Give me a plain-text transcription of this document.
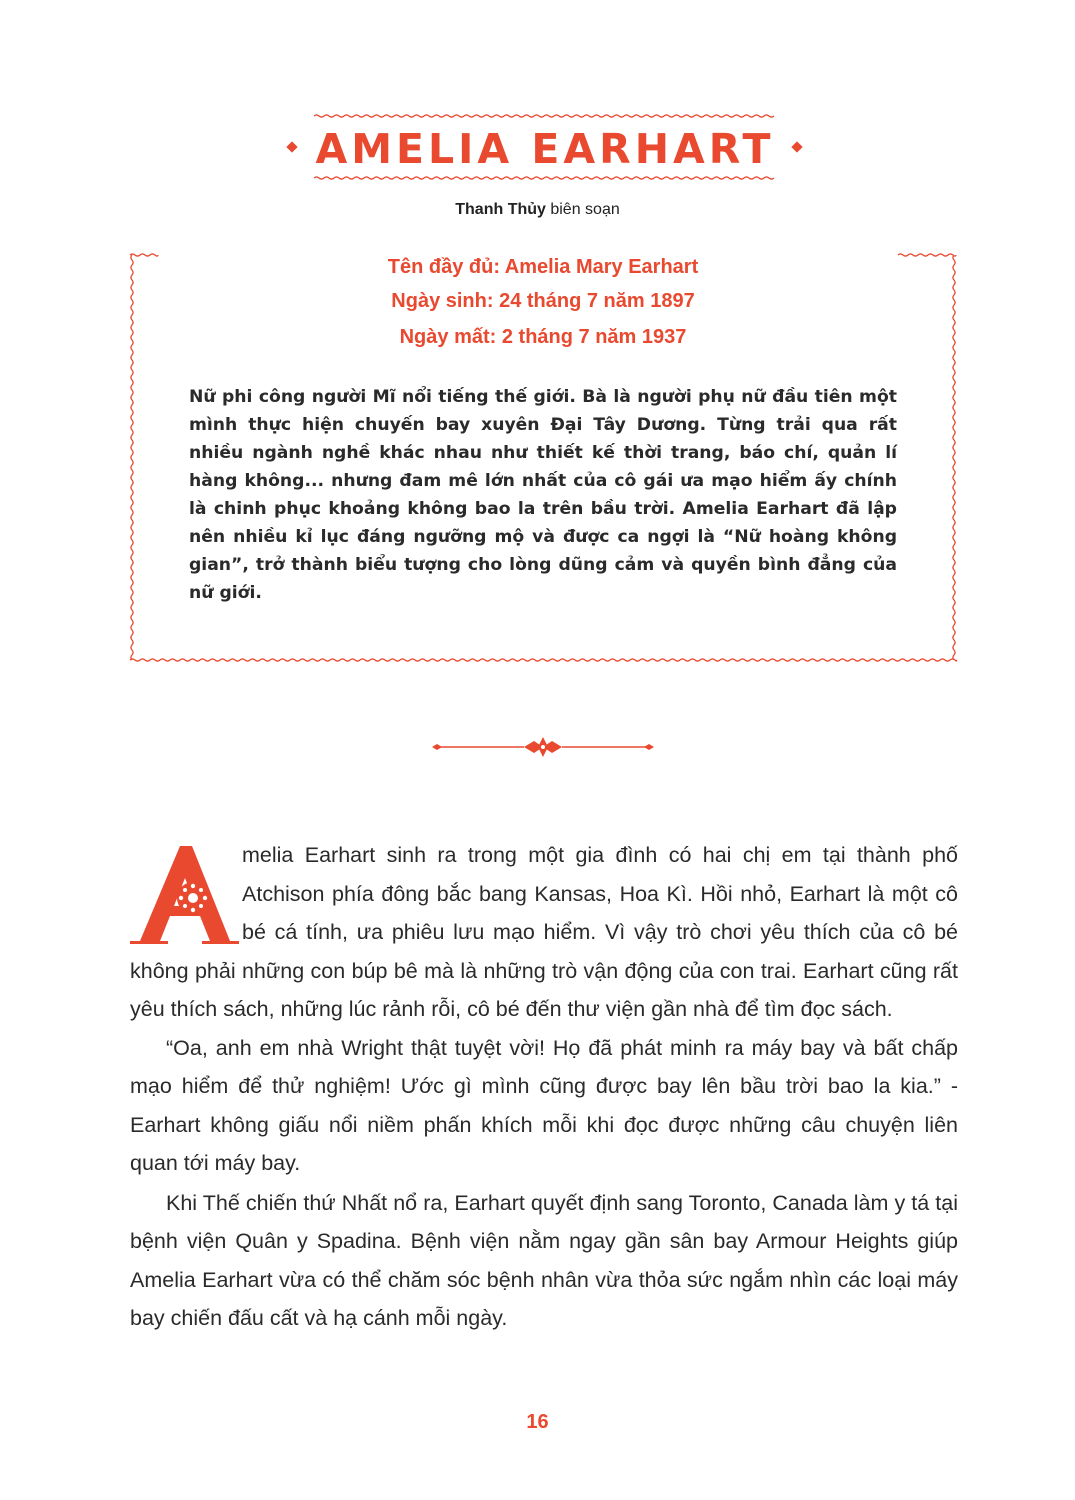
AMELIA EARHART
Thanh Thủy biên soạn
Tên đầy đủ: Amelia Mary Earhart
Ngày sinh: 24 tháng 7 năm 1897
Ngày mất: 2 tháng 7 năm 1937
Nữ phi công người Mĩ nổi tiếng thế giới. Bà là người phụ nữ đầu tiên một mình thực hiện chuyến bay xuyên Đại Tây Dương. Từng trải qua rất nhiều ngành nghề khác nhau như thiết kế thời trang, báo chí, quản lí hàng không... nhưng đam mê lớn nhất của cô gái ưa mạo hiểm ấy chính là chinh phục khoảng không bao la trên bầu trời. Amelia Earhart đã lập nên nhiều kỉ lục đáng ngưỡng mộ và được ca ngợi là “Nữ hoàng không gian”, trở thành biểu tượng cho lòng dũng cảm và quyền bình đẳng của nữ giới.

melia Earhart sinh ra trong một gia đình có hai chị em tại thành phố Atchison phía đông bắc bang Kansas, Hoa Kì. Hồi nhỏ, Earhart là một cô bé cá tính, ưa phiêu lưu mạo hiểm. Vì vậy trò chơi yêu thích của cô bé không phải những con búp bê mà là những trò vận động của con trai. Earhart cũng rất yêu thích sách, những lúc rảnh rỗi, cô bé đến thư viện gần nhà để tìm đọc sách.

“Oa, anh em nhà Wright thật tuyệt vời! Họ đã phát minh ra máy bay và bất chấp mạo hiểm để thử nghiệm! Ước gì mình cũng được bay lên bầu trời bao la kia.” - Earhart không giấu nổi niềm phấn khích mỗi khi đọc được những câu chuyện liên quan tới máy bay.

Khi Thế chiến thứ Nhất nổ ra, Earhart quyết định sang Toronto, Canada làm y tá tại bệnh viện Quân y Spadina. Bệnh viện nằm ngay gần sân bay Armour Heights giúp Amelia Earhart vừa có thể chăm sóc bệnh nhân vừa thỏa sức ngắm nhìn các loại máy bay chiến đấu cất và hạ cánh mỗi ngày.

16
